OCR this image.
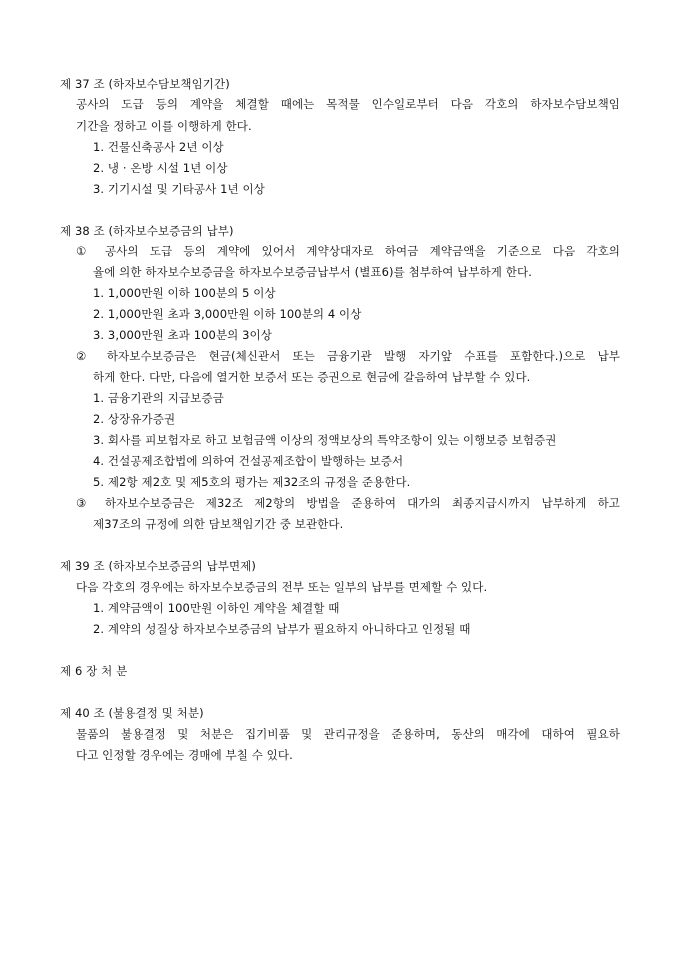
제 37 조 (하자보수담보책임기간)
공사의 도급 등의 계약을 체결할 때에는 목적물 인수일로부터 다음 각호의 하자보수담보책임
기간을 정하고 이를 이행하게 한다.
1. 건물신축공사 2년 이상
2. 냉 · 온방 시설 1년 이상
3. 기기시설 및 기타공사 1년 이상
제 38 조 (하자보수보증금의 납부)
① 공사의 도급 등의 계약에 있어서 계약상대자로 하여금 계약금액을 기준으로 다음 각호의
율에 의한 하자보수보증금을 하자보수보증금납부서 (별표6)를 첨부하여 납부하게 한다.
1. 1,000만원 이하 100분의 5 이상
2. 1,000만원 초과 3,000만원 이하 100분의 4 이상
3. 3,000만원 초과 100분의 3이상
② 하자보수보증금은 현금(체신관서 또는 금융기관 발행 자기앞 수표를 포함한다.)으로 납부
하게 한다. 다만, 다음에 열거한 보증서 또는 증권으로 현금에 갈음하여 납부할 수 있다.
1. 금융기관의 지급보증금
2. 상장유가증권
3. 회사를 피보험자로 하고 보험금액 이상의 정액보상의 특약조항이 있는 이행보증 보험증권
4. 건설공제조합법에 의하여 건설공제조합이 발행하는 보증서
5. 제2항 제2호 및 제5호의 평가는 제32조의 규정을 준용한다.
③ 하자보수보증금은 제32조 제2항의 방법을 준용하여 대가의 최종지급시까지 납부하게 하고
제37조의 규정에 의한 담보책임기간 중 보관한다.
제 39 조 (하자보수보증금의 납부면제)
다음 각호의 경우에는 하자보수보증금의 전부 또는 일부의 납부를 면제할 수 있다.
1. 계약금액이 100만원 이하인 계약을 체결할 때
2. 계약의 성질상 하자보수보증금의 납부가 필요하지 아니하다고 인정될 때
제 6 장 처 분
제 40 조 (불용결정 및 처분)
물품의 불용결정 및 처분은 집기비품 및 관리규정을 준용하며, 동산의 매각에 대하여 필요하
다고 인정할 경우에는 경매에 부칠 수 있다.
